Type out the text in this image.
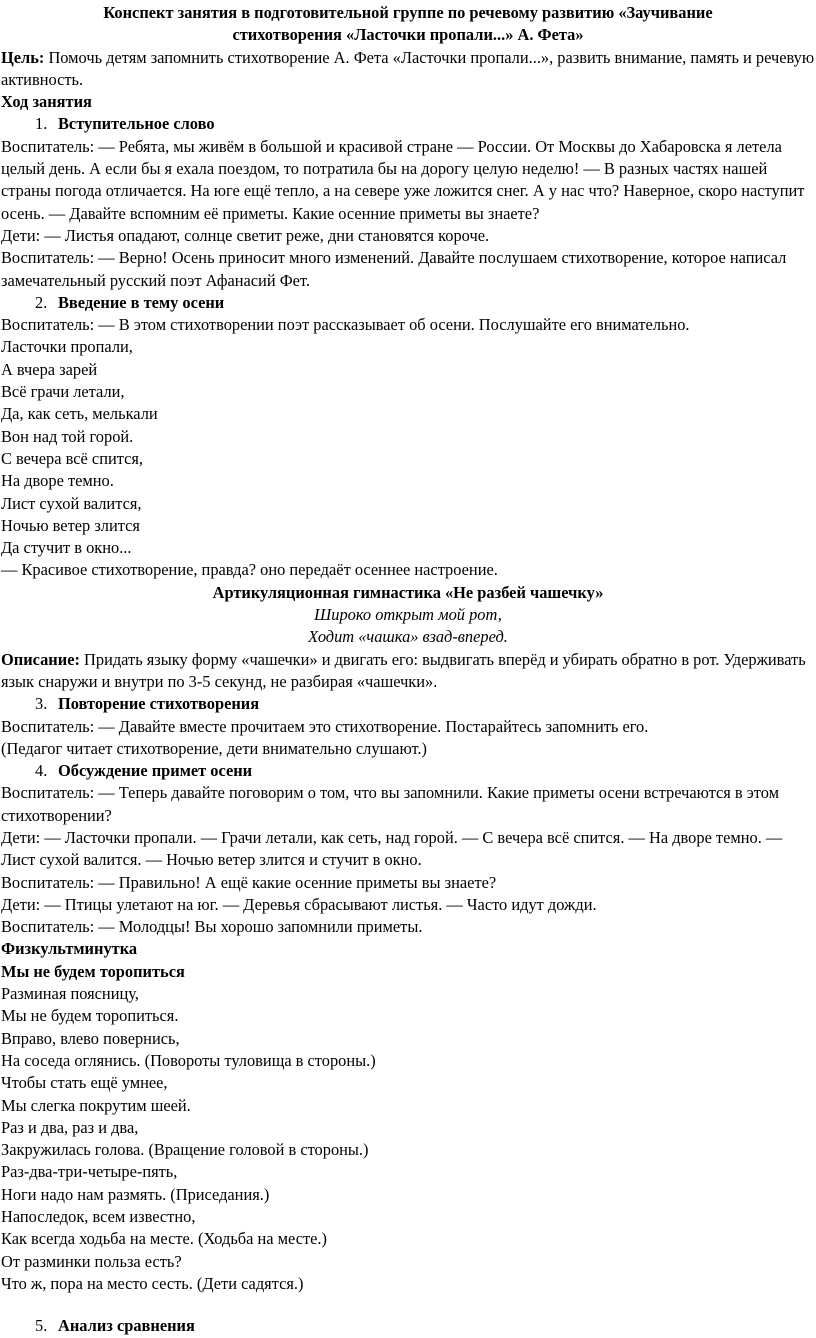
Конспект занятия в подготовительной группе по речевому развитию «Заучивание
стихотворения «Ласточки пропали...» А. Фета»

Цель: Помочь детям запомнить стихотворение А. Фета «Ласточки пропали...», развить внимание, память и речевую активность.

Ход занятия

1. Вступительное слово

Воспитатель: — Ребята, мы живём в большой и красивой стране — России. От Москвы до Хабаровска я летела целый день. А если бы я ехала поездом, то потратила бы на дорогу целую неделю! — В разных частях нашей страны погода отличается. На юге ещё тепло, а на севере уже ложится снег. А у нас что? Наверное, скоро наступит осень. — Давайте вспомним её приметы. Какие осенние приметы вы знаете?

Дети: — Листья опадают, солнце светит реже, дни становятся короче.

Воспитатель: — Верно! Осень приносит много изменений. Давайте послушаем стихотворение, которое написал замечательный русский поэт Афанасий Фет.

2. Введение в тему осени

Воспитатель: — В этом стихотворении поэт рассказывает об осени. Послушайте его внимательно.

Ласточки пропали,

А вчера зарей

Всё грачи летали,

Да, как сеть, мелькали

Вон над той горой.

С вечера всё спится,

На дворе темно.

Лист сухой валится,

Ночью ветер злится

Да стучит в окно...

— Красивое стихотворение, правда? оно передаёт осеннее настроение.

Артикуляционная гимнастика «Не разбей чашечку»

Широко открыт мой рот,

Ходит «чашка» взад-вперед.

Описание: Придать языку форму «чашечки» и двигать его: выдвигать вперёд и убирать обратно в рот. Удерживать язык снаружи и внутри по 3-5 секунд, не разбирая «чашечки».

3. Повторение стихотворения

Воспитатель: — Давайте вместе прочитаем это стихотворение. Постарайтесь запомнить его.

(Педагог читает стихотворение, дети внимательно слушают.)

4. Обсуждение примет осени

Воспитатель: — Теперь давайте поговорим о том, что вы запомнили. Какие приметы осени встречаются в этом стихотворении?

Дети: — Ласточки пропали. — Грачи летали, как сеть, над горой. — С вечера всё спится. — На дворе темно. — Лист сухой валится. — Ночью ветер злится и стучит в окно.

Воспитатель: — Правильно! А ещё какие осенние приметы вы знаете?

Дети: — Птицы улетают на юг. — Деревья сбрасывают листья. — Часто идут дожди.

Воспитатель: — Молодцы! Вы хорошо запомнили приметы.

Физкультминутка

Мы не будем торопиться

Разминая поясницу,

Мы не будем торопиться.

Вправо, влево повернись,

На соседа оглянись. (Повороты туловища в стороны.)

Чтобы стать ещё умнее,

Мы слегка покрутим шеей.

Раз и два, раз и два,

Закружилась голова. (Вращение головой в стороны.)

Раз-два-три-четыре-пять,

Ноги надо нам размять. (Приседания.)

Напоследок, всем известно,

Как всегда ходьба на месте. (Ходьба на месте.)

От разминки польза есть?

Что ж, пора на место сесть. (Дети садятся.)

5. Анализ сравнения
